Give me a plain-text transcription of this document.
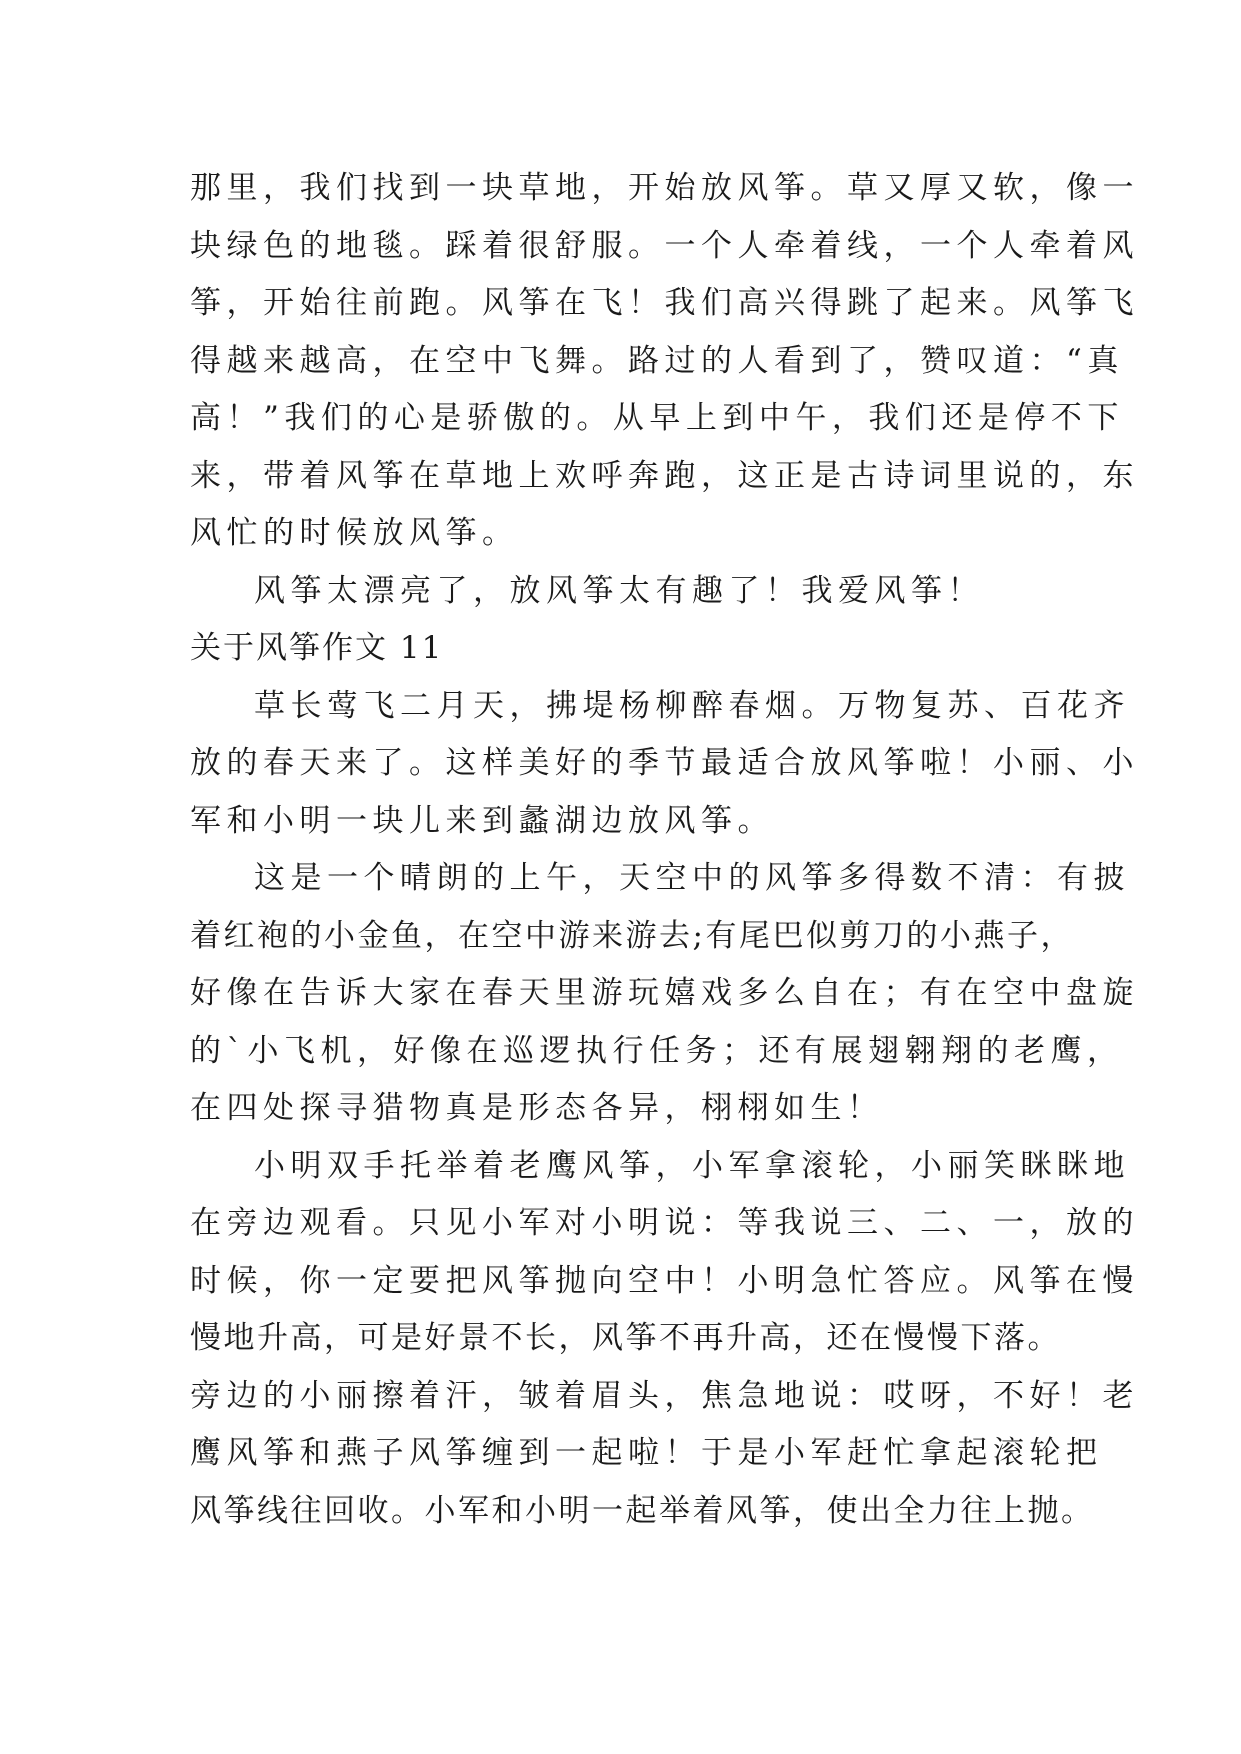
那里，我们找到一块草地，开始放风筝。草又厚又软，像一
块绿色的地毯。踩着很舒服。一个人牵着线，一个人牵着风
筝，开始往前跑。风筝在飞！我们高兴得跳了起来。风筝飞
得越来越高，在空中飞舞。路过的人看到了，赞叹道：“真
高！”我们的心是骄傲的。从早上到中午，我们还是停不下
来，带着风筝在草地上欢呼奔跑，这正是古诗词里说的，东
风忙的时候放风筝。
风筝太漂亮了，放风筝太有趣了！我爱风筝！
关于风筝作文 11
草长莺飞二月天，拂堤杨柳醉春烟。万物复苏、百花齐
放的春天来了。这样美好的季节最适合放风筝啦！小丽、小
军和小明一块儿来到蠡湖边放风筝。
这是一个晴朗的上午，天空中的风筝多得数不清：有披
着红袍的小金鱼，在空中游来游去;有尾巴似剪刀的小燕子，
好像在告诉大家在春天里游玩嬉戏多么自在；有在空中盘旋
的`小飞机，好像在巡逻执行任务；还有展翅翱翔的老鹰，
在四处探寻猎物真是形态各异，栩栩如生！
小明双手托举着老鹰风筝，小军拿滚轮，小丽笑眯眯地
在旁边观看。只见小军对小明说：等我说三、二、一，放的
时候，你一定要把风筝抛向空中！小明急忙答应。风筝在慢
慢地升高，可是好景不长，风筝不再升高，还在慢慢下落。
旁边的小丽擦着汗，皱着眉头，焦急地说：哎呀，不好！老
鹰风筝和燕子风筝缠到一起啦！于是小军赶忙拿起滚轮把
风筝线往回收。小军和小明一起举着风筝，使出全力往上抛。
